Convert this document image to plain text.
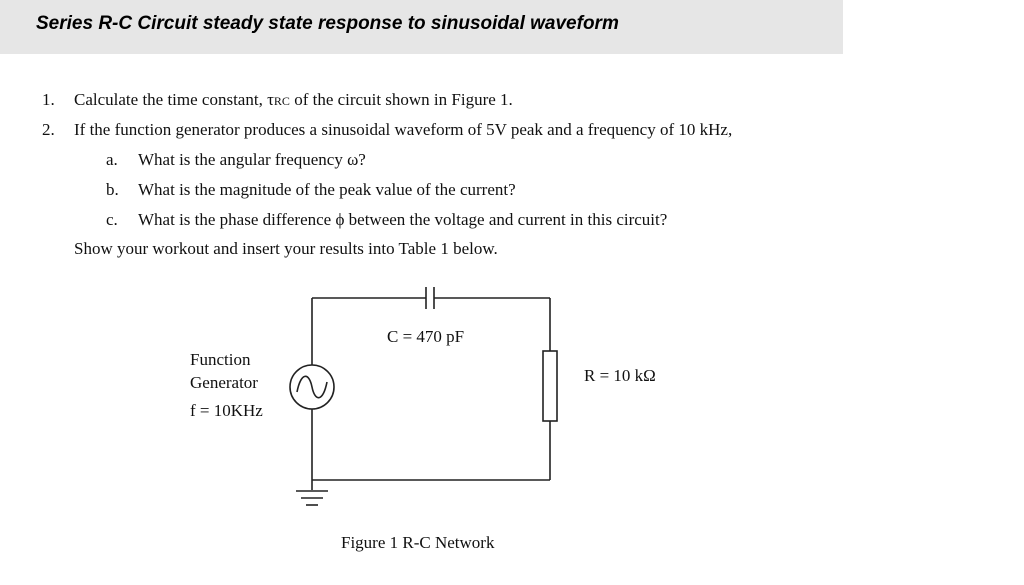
Series R-C Circuit steady state response to sinusoidal waveform
1. Calculate the time constant, τRC of the circuit shown in Figure 1.
2. If the function generator produces a sinusoidal waveform of 5V peak and a frequency of 10 kHz,
a. What is the angular frequency ω?
b. What is the magnitude of the peak value of the current?
c. What is the phase difference ϕ between the voltage and current in this circuit?
Show your workout and insert your results into Table 1 below.
Function
Generator
f = 10KHz
C = 470 pF
R = 10 kΩ
Figure 1 R-C Network
